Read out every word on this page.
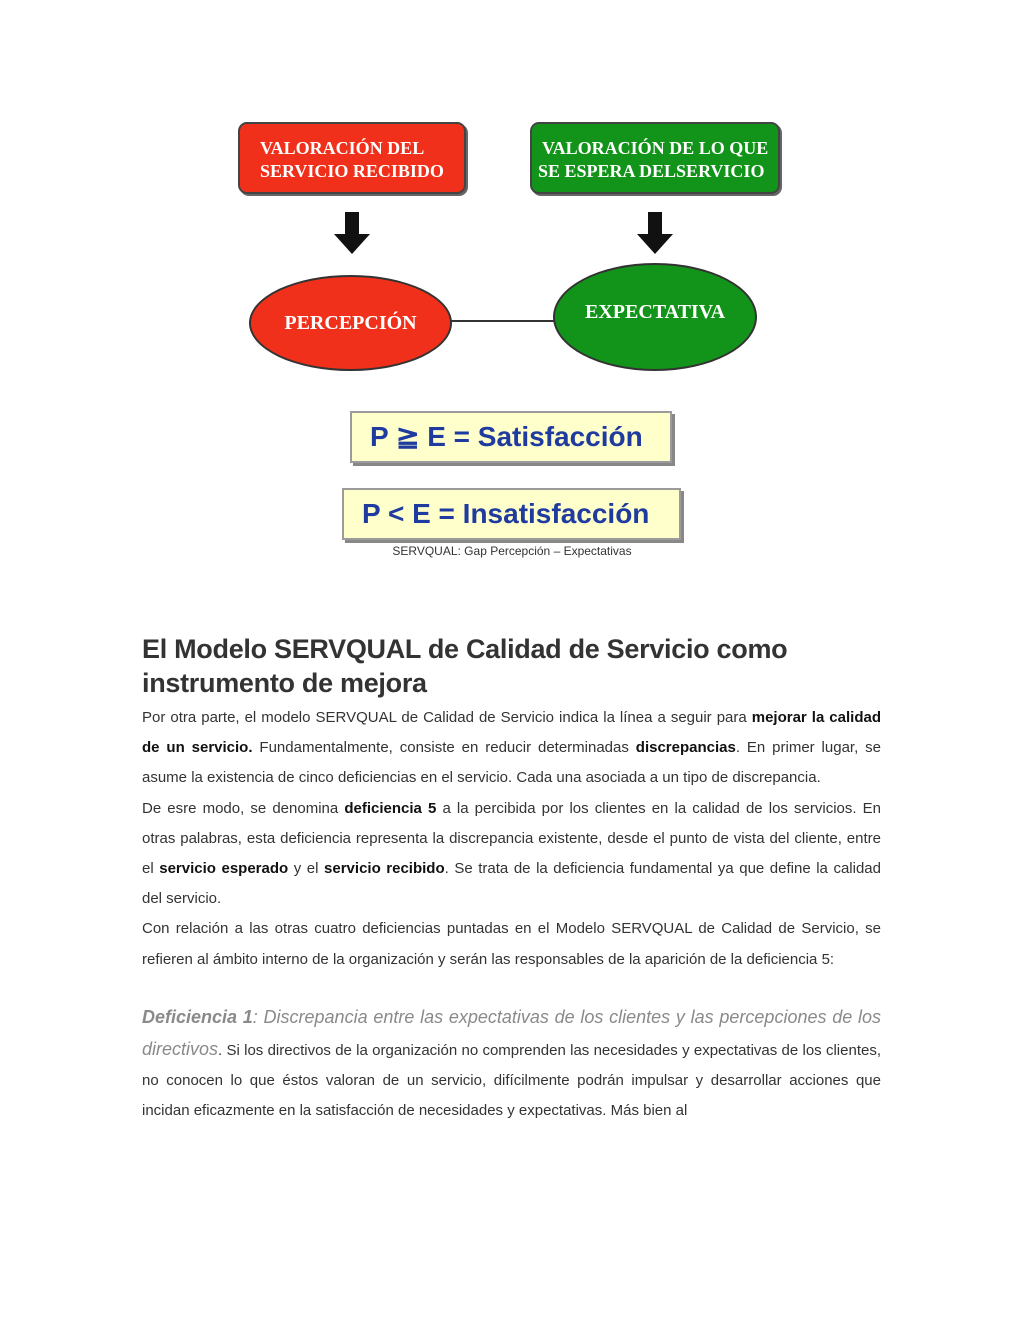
VALORACIÓN DEL
SERVICIO RECIBIDO
VALORACIÓN DE LO QUE
SE ESPERA DELSERVICIO
PERCEPCIÓN	EXPECTATIVA
P ≧ E = Satisfacción
P < E = Insatisfacción
SERVQUAL: Gap Percepción – Expectativas
El Modelo SERVQUAL de Calidad de Servicio como instrumento de mejora

Por otra parte, el modelo SERVQUAL de Calidad de Servicio indica la línea a seguir para mejorar la calidad de un servicio. Fundamentalmente, consiste en reducir determinadas discrepancias. En primer lugar, se asume la existencia de cinco deficiencias en el servicio. Cada una asociada a un tipo de discrepancia.

De esre modo, se denomina deficiencia 5 a la percibida por los clientes en la calidad de los servicios. En otras palabras, esta deficiencia representa la discrepancia existente, desde el punto de vista del cliente, entre el servicio esperado y el servicio recibido. Se trata de la deficiencia fundamental ya que define la calidad del servicio.

Con relación a las otras cuatro deficiencias puntadas en el Modelo SERVQUAL de Calidad de Servicio, se refieren al ámbito interno de la organización y serán las responsables de la aparición de la deficiencia 5:

Deficiencia 1: Discrepancia entre las expectativas de los clientes y las percepciones de los directivos. Si los directivos de la organización no comprenden las necesidades y expectativas de los clientes, no conocen lo que éstos valoran de un servicio, difícilmente podrán impulsar y desarrollar acciones que incidan eficazmente en la satisfacción de necesidades y expectativas. Más bien al
